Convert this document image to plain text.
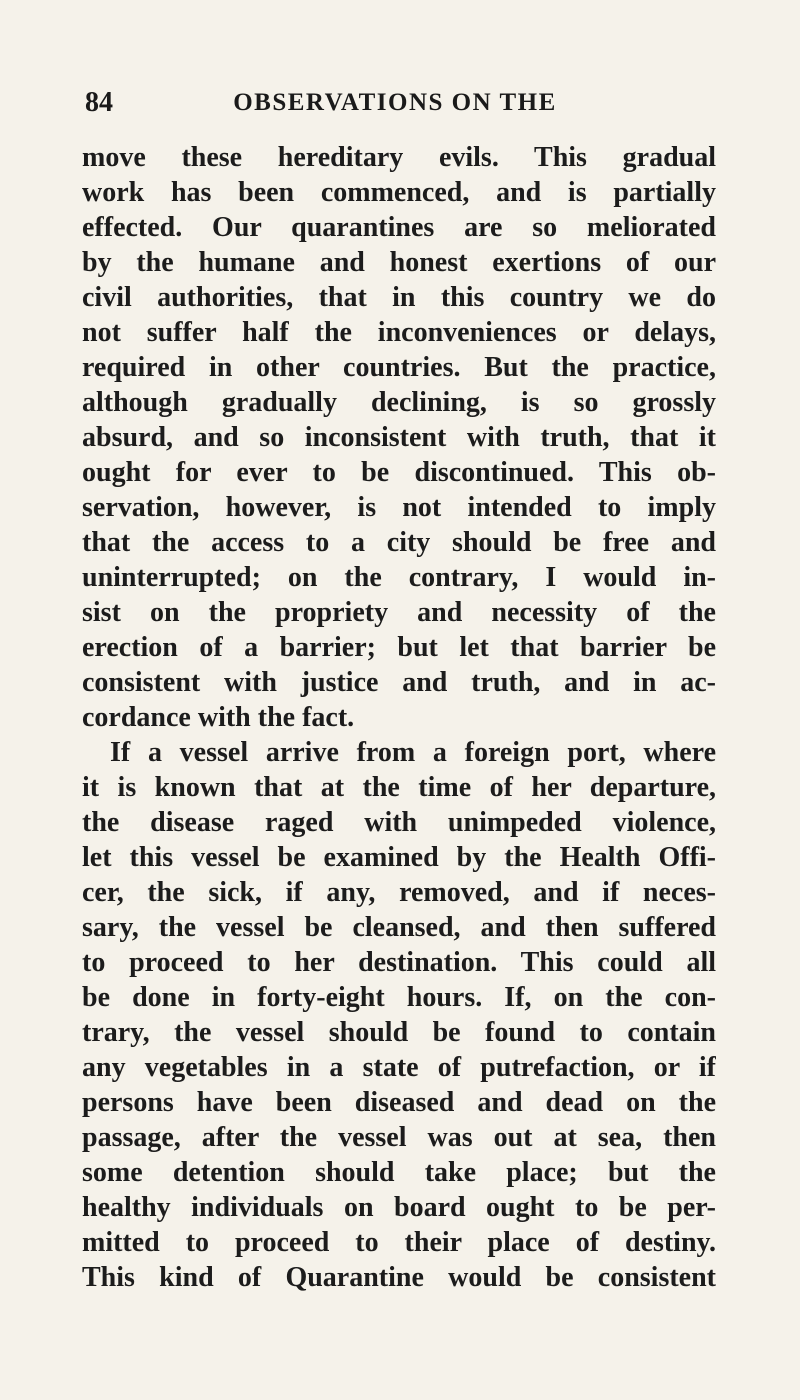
84	OBSERVATIONS ON THE
move these hereditary evils. This gradual
work has been commenced, and is partially
effected. Our quarantines are so meliorated
by the humane and honest exertions of our
civil authorities, that in this country we do
not suffer half the inconveniences or delays,
required in other countries. But the practice,
although gradually declining, is so grossly
absurd, and so inconsistent with truth, that it
ought for ever to be discontinued. This ob-
servation, however, is not intended to imply
that the access to a city should be free and
uninterrupted; on the contrary, I would in-
sist on the propriety and necessity of the
erection of a barrier; but let that barrier be
consistent with justice and truth, and in ac-
cordance with the fact.
If a vessel arrive from a foreign port, where
it is known that at the time of her departure,
the disease raged with unimpeded violence,
let this vessel be examined by the Health Offi-
cer, the sick, if any, removed, and if neces-
sary, the vessel be cleansed, and then suffered
to proceed to her destination. This could all
be done in forty-eight hours. If, on the con-
trary, the vessel should be found to contain
any vegetables in a state of putrefaction, or if
persons have been diseased and dead on the
passage, after the vessel was out at sea, then
some detention should take place; but the
healthy individuals on board ought to be per-
mitted to proceed to their place of destiny.
This kind of Quarantine would be consistent
